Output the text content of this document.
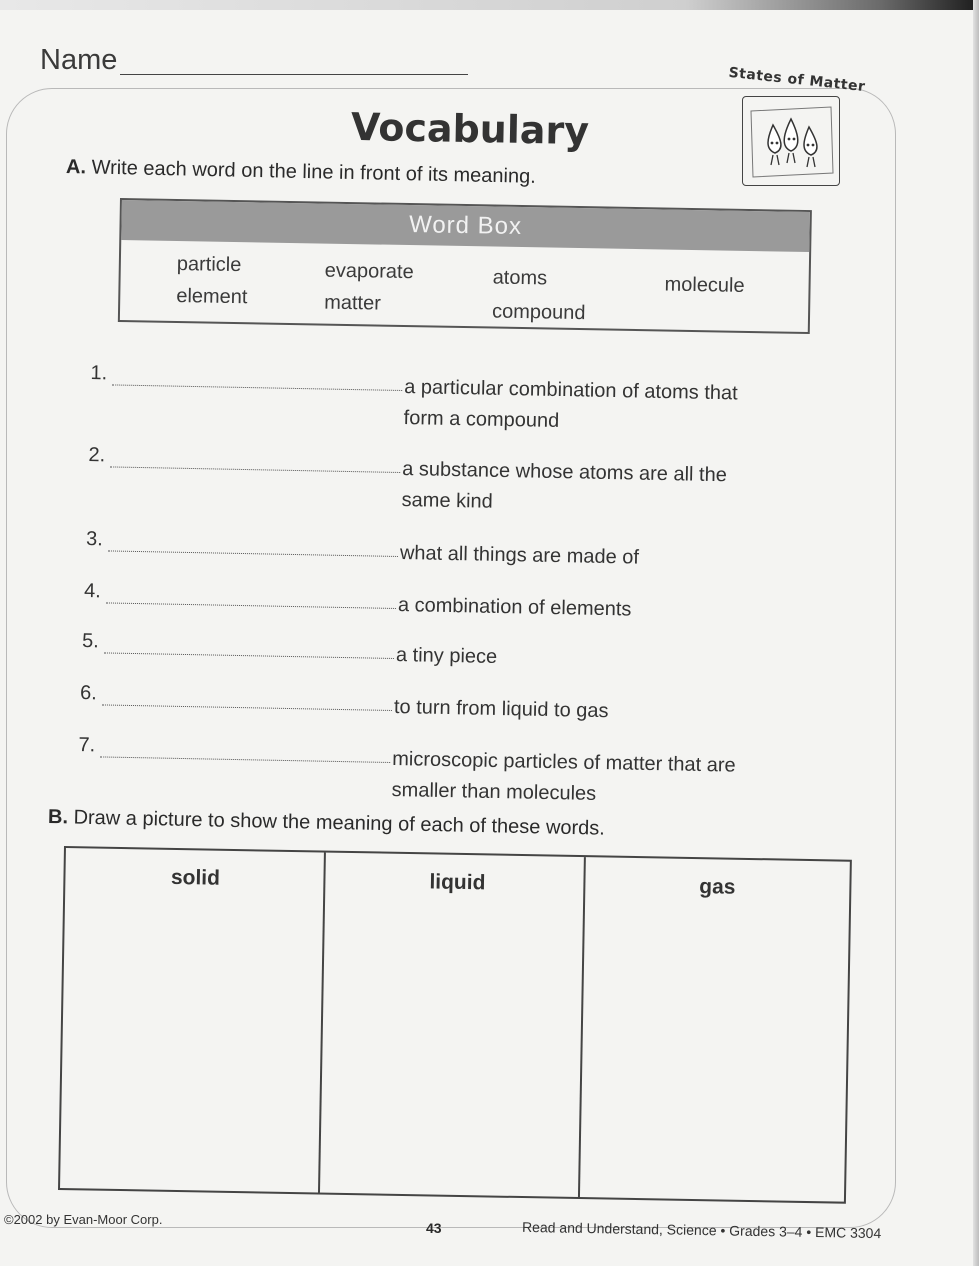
Name
States of Matter
Vocabulary
A. Write each word on the line in front of its meaning.
Word Box
particle
element
evaporate
matter
atoms
compound
molecule
1.
a particular combination of atoms that
form a compound
2.
a substance whose atoms are all the
same kind
3.
what all things are made of
4.
a combination of elements
5.
a tiny piece
6.
to turn from liquid to gas
7.
microscopic particles of matter that are
smaller than molecules
B. Draw a picture to show the meaning of each of these words.
solid	liquid	gas
©2002 by Evan-Moor Corp.
43	Read and Understand, Science • Grades 3–4 • EMC 3304
